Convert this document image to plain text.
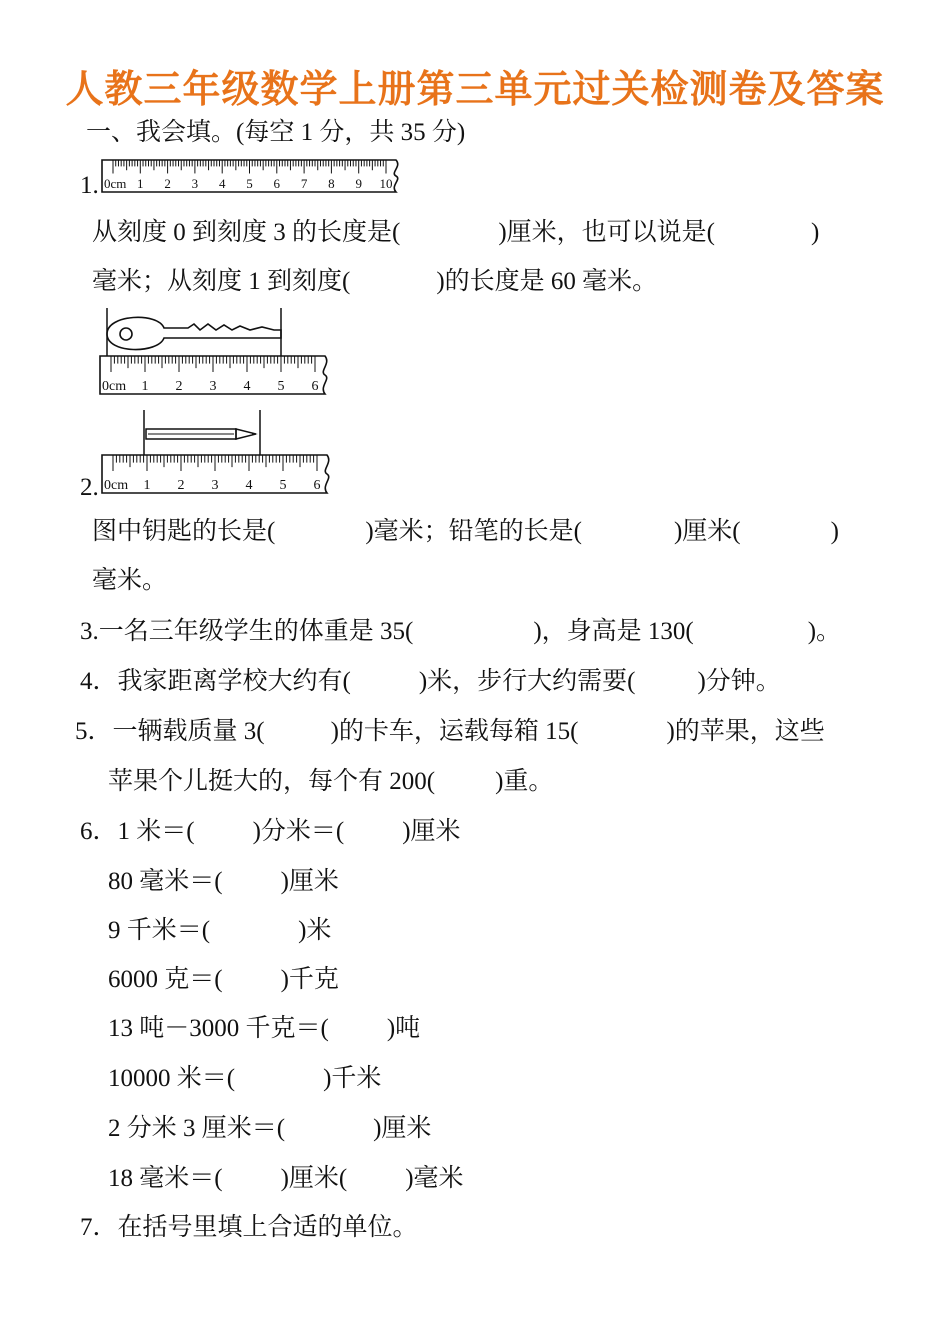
人教三年级数学上册第三单元过关检测卷及答案
一、我会填。(每空 1 分，共 35 分)
1. 0cm 1 2 3 4 5 6 7 8 9 10
从刻度 0 到刻度 3 的长度是(	)厘米，也可以说是(	)
毫米；从刻度 1 到刻度(	)的长度是 60 毫米。
0cm 1 2 3 4 5 6
2. 0cm 1 2 3 4 5 6
图中钥匙的长是(	)毫米；铅笔的长是(	)厘米(	)
毫米。
3.一名三年级学生的体重是 35(	)，身高是 130(	)。
4．我家距离学校大约有(	)米，步行大约需要( )分钟。
5．一辆载质量 3(	)的卡车，运载每箱 15(	)的苹果，这些
苹果个儿挺大的，每个有 200( )重。
6．1 米＝( )分米＝( )厘米
80 毫米＝( )厘米
9 千米＝(	)米
6000 克＝( )千克
13 吨－3000 千克＝( )吨
10000 米＝(	)千米
2 分米 3 厘米＝(	)厘米
18 毫米＝( )厘米( )毫米
7．在括号里填上合适的单位。
